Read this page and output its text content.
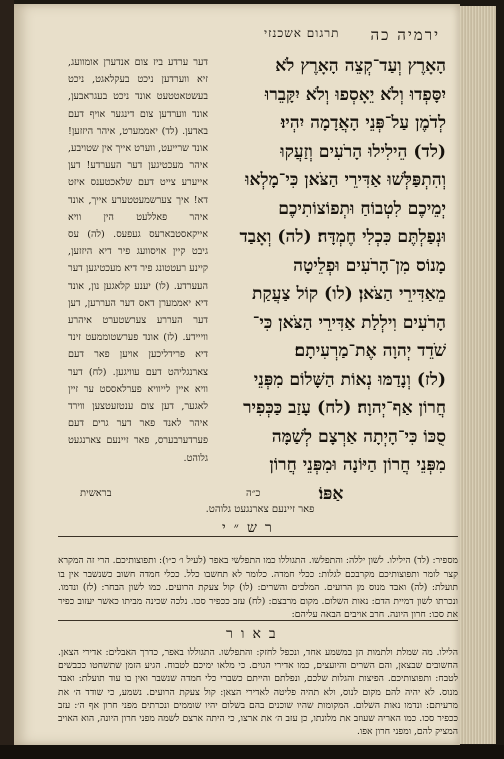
ירמיה כה
תרגום אשכנזי
הָאָרֶץ וְעַד־קְצֵה הָאָרֶץ לֹא
יִסָּפְדוּ וְלֹא יֵאָסְפוּ וְלֹא יִקָּבֵרוּ
לְדֹמֶן עַל־פְּנֵי הָאֲדָמָה יִהְיוּ׃
(לד) הֵילִילוּ הָרֹעִים וְזַעֲקוּ
וְהִתְפַּלְּשׁוּ אַדִּירֵי הַצֹּאן כִּי־מָלְאוּ
יְמֵיכֶם לִטְבוֹחַ וּתְפוֹצוֹתִיכֶם
וּנְפַלְתֶּם כִּכְלִי חֶמְדָּה׃ (לה) וְאָבַד
מָנוֹס מִן־הָרֹעִים וּפְלֵיטָה
מֵאַדִּירֵי הַצֹּאן׃ (לו) קוֹל צַעֲקַת
הָרֹעִים וִילְלַת אַדִּירֵי הַצֹּאן כִּי־
שֹׁדֵד יְהוָה אֶת־מַרְעִיתָם׃
(לז) וְנָדַמּוּ נְאוֹת הַשָּׁלוֹם מִפְּנֵי
חֲרוֹן אַף־יְהוָה׃ (לח) עָזַב כַּכְּפִיר
סֻכּוֹ כִּי־הָיְתָה אַרְצָם לְשַׁמָּה
מִפְּנֵי חֲרוֹן הַיּוֹנָה וּמִפְּנֵי חֲרוֹן
אַפּוֹ׃
דער ערדע ביז צום אנדערן אומוועג, זיא ווערדען ניכט בעקלאגט, ניכט בעשטאטטעט אונד ניכט בעגראבען, אונד ווערדען צום דינגער אויף דעם באדען. (לד) יאממערט, איהר היזזען! אונד שרייעט, ווערט אייך אין שטויבע, איהר מעכטיגען דער העערדע! דען אייערע צייט דעם שלאכטענס איזט דא! איך צערשמעטטערע אייך, אונד איהר פאללעט הין וויא אייקאסטבארעס געפעס. (לה) עס גיבט קיין אויסוועג פיר דיא היזזען, קיינע רעטטונג פיר דיא מעכטיגען דער העערדע. (לו) יענע קלאגען נון, אונד דיא יאממערן דאס דער העררען, דען דער העררע צערשטערט איהרע ווייידע. (לז) אונד פערשטוממעט זינד דיא פרידליכען אויען פאר דעם צארנגליהט דעם עוויגען. (לח) דער וויא איין לייוויא פערלאססט ער זיין לאגער, דען צום ענטזעטצען ווירד איהר לאנד פאר דער גרים דעם פערדערבערס, פאר זיינעם צארנגעט גלוהט.
בראשית	כ״ה
פאר זיינעם צארנגעט גלוהט.
רש״י
מספיר: (לד) הילילו. לשון יללה: והתפלשו. התגוללו כמו התפלשי באפר (לעיל ו׳ כ״ו): ותפוצותיכם. הרי זה המקרא קצר לומר ותפוצותיכם מקרבכם לגלות: ככלי חמדה. כלומר לא תחשבו כלל. ככלי חמדה חשוב כשנשבר אין בו תועלת: (לה) ואבד מנוס מן הרועים. המלכים והשרים: (לו) קול צעקת הרועים. כמו לשון הבחר: (לז) ונדמו. ונכרתו לשון דמיית הדם: נאות השלום. מקום מרבצם: (לח) עזב ככפיר סכו. נלכה שכינה מביתו כאשר יעזוב כפיר את סכו: חרון היונה. חרב אויבים הבאה עליהם:
באור
הלילו. מה שמלת ולתמות הן במשמע אחד, ונכפל לחזק: והתפלשו. התגוללו באפר, כדרך האבלים: אדירי הצאן. החשובים שבצאן, והם השרים והיועצים, כמו אדירי הגוים. כי מלאו ימיכם לטבוח. הגיע הזמן שתשחטו ככבשים לטבח: ותפוצותיכם. הפיצות והגלות שלכם, ונפלתם והייתם כשברי כלי חמדה שנשבר ואין בו עוד תועלת: ואבד מנוס. לא יהיה להם מקום לנוס, ולא תהיה פליטה לאדירי הצאן: קול צעקת הרועים. נשמע, כי שודד ה׳ את מרעיתם: ונדמו נאות השלום. המקומות שהיו שוכנים בהם בשלום יהיו שוממים ונכרתים מפני חרון אף ה׳: עזב ככפיר סכו. כמו האריה שעוזב את מלונתו, כן עזב ה׳ את ארצו, כי היתה ארצם לשמה מפני חרון היונה, הוא האויב המציק להם, ומפני חרון אפו.
